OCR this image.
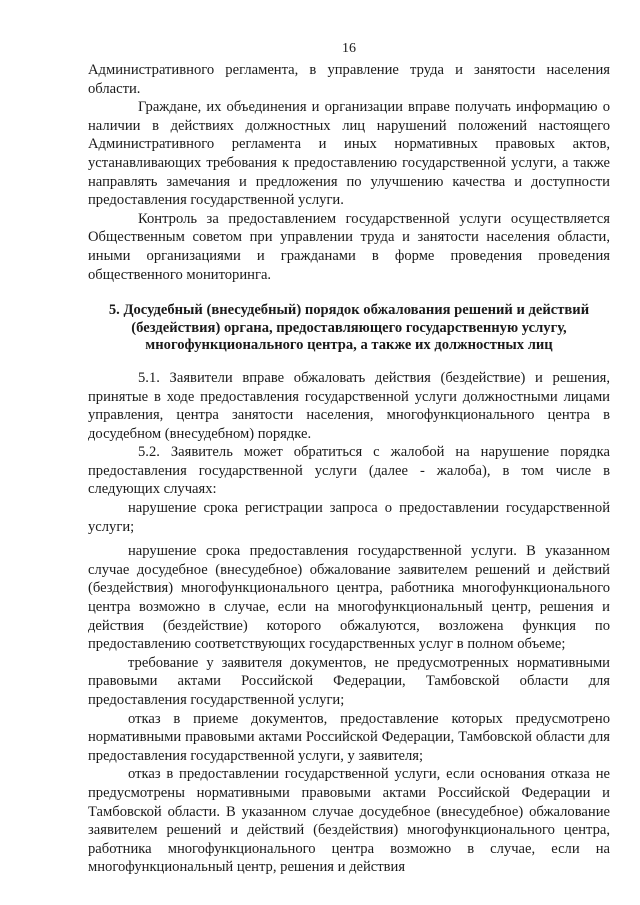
16

Административного регламента, в управление труда и занятости населения области.

Граждане, их объединения и организации вправе получать информацию о наличии в действиях должностных лиц нарушений положений настоящего Административного регламента и иных нормативных правовых актов, устанавливающих требования к предоставлению государственной услуги, а также направлять замечания и предложения по улучшению качества и доступности предоставления государственной услуги.

Контроль за предоставлением государственной услуги осуществляется Общественным советом при управлении труда и занятости населения области, иными организациями и гражданами в форме проведения проведения общественного мониторинга.

5. Досудебный (внесудебный) порядок обжалования решений и действий (бездействия) органа, предоставляющего государственную услугу, многофункционального центра, а также их должностных лиц

5.1. Заявители вправе обжаловать действия (бездействие) и решения, принятые в ходе предоставления государственной услуги должностными лицами управления, центра занятости населения, многофункционального центра в досудебном (внесудебном) порядке.

5.2. Заявитель может обратиться с жалобой на нарушение порядка предоставления государственной услуги (далее - жалоба), в том числе в следующих случаях:

нарушение срока регистрации запроса о предоставлении государственной услуги;

нарушение срока предоставления государственной услуги. В указанном случае досудебное (внесудебное) обжалование заявителем решений и действий (бездействия) многофункционального центра, работника многофункционального центра возможно в случае, если на многофункциональный центр, решения и действия (бездействие) которого обжалуются, возложена функция по предоставлению соответствующих государственных услуг в полном объеме;

требование у заявителя документов, не предусмотренных нормативными правовыми актами Российской Федерации, Тамбовской области для предоставления государственной услуги;

отказ в приеме документов, предоставление которых предусмотрено нормативными правовыми актами Российской Федерации, Тамбовской области для предоставления государственной услуги, у заявителя;

отказ в предоставлении государственной услуги, если основания отказа не предусмотрены нормативными правовыми актами Российской Федерации и Тамбовской области. В указанном случае досудебное (внесудебное) обжалование заявителем решений и действий (бездействия) многофункционального центра, работника многофункционального центра возможно в случае, если на многофункциональный центр, решения и действия
